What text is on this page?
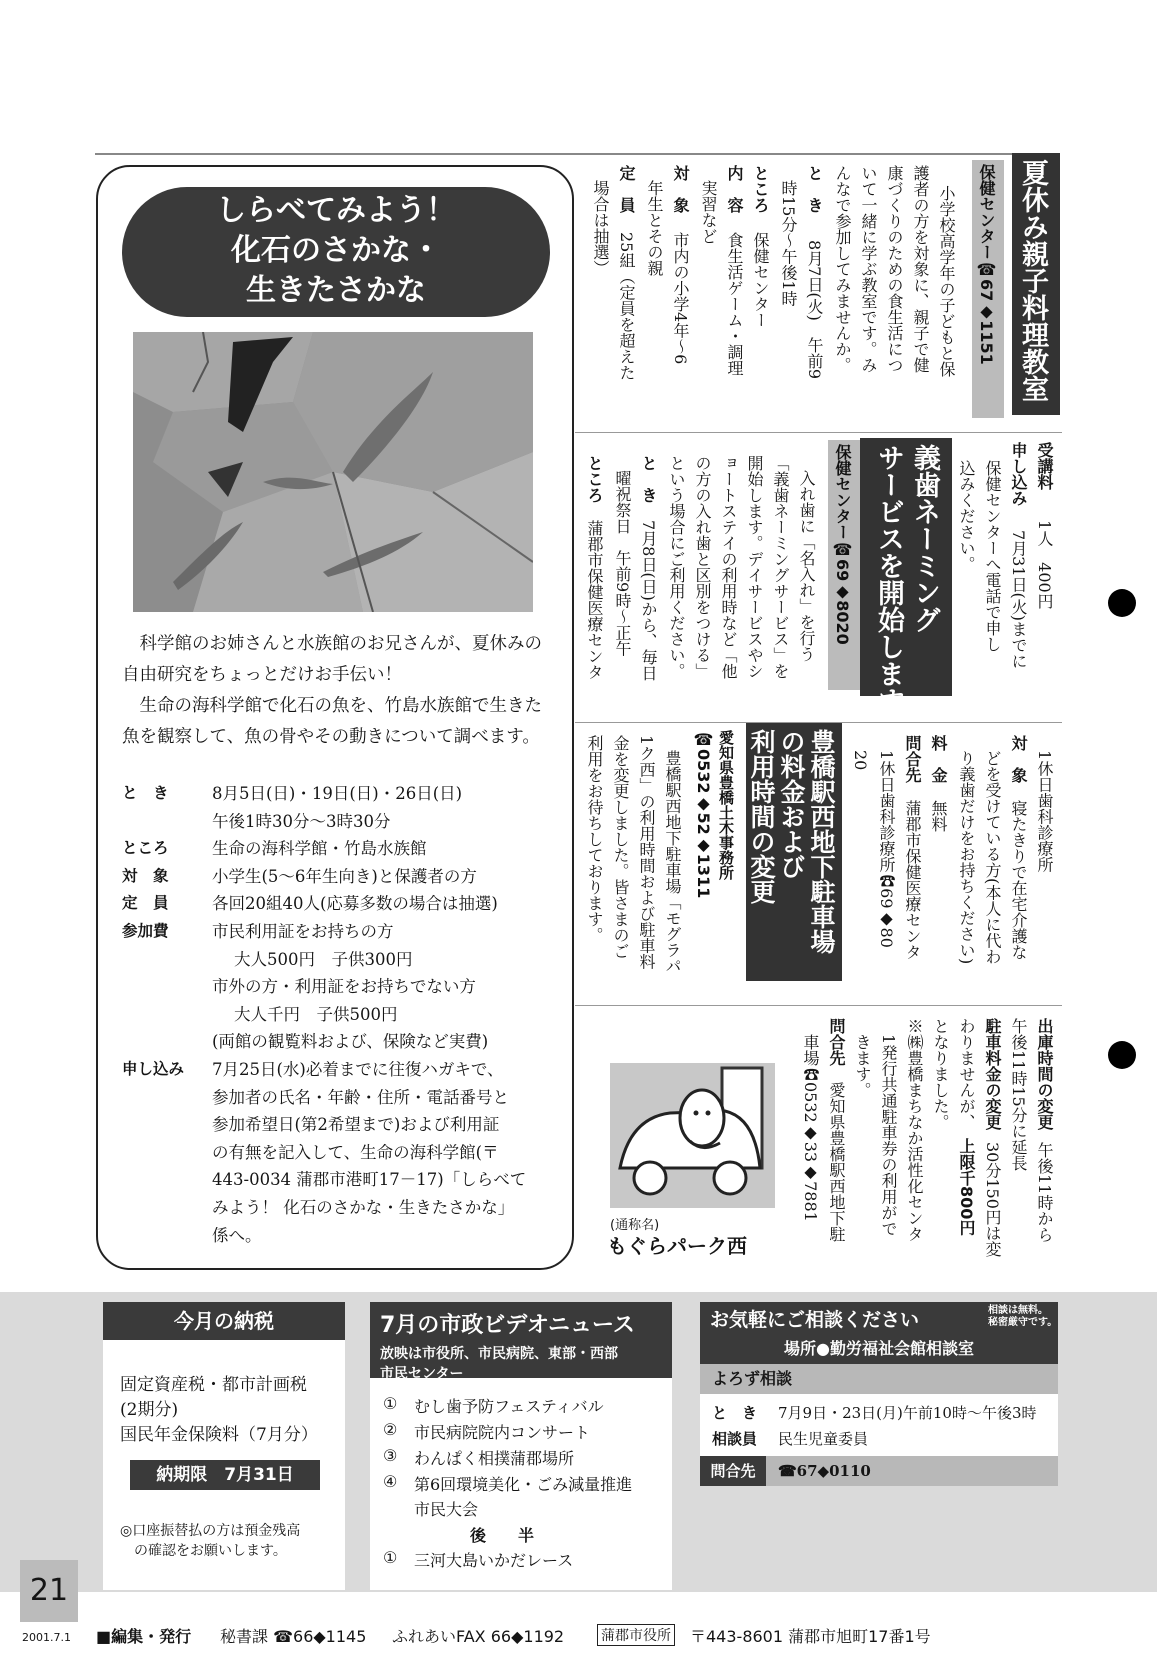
しらべてみよう！
化石のさかな・
生きたさかな

科学館のお姉さんと水族館のお兄さんが、夏休みの自由研究をちょっとだけお手伝い！

生命の海科学館で化石の魚を、竹島水族館で生きた魚を観察して、魚の骨やその動きについて調べます。

と　き	8月5日(日)・19日(日)・26日(日)
午後1時30分～3時30分
ところ	生命の海科学館・竹島水族館
対　象	小学生(5～6年生向き)と保護者の方
定　員	各回20組40人(応募多数の場合は抽選)
参加費	市民利用証をお持ちの方
大人500円　子供300円
市外の方・利用証をお持ちでない方
大人千円　子供500円
(両館の観覧料および、保険など実費)
申し込み	7月25日(水)必着までに往復ハガキで、
参加者の氏名・年齢・住所・電話番号と
参加希望日(第2希望まで)および利用証
の有無を記入して、生命の海科学館(〒
443-0034 蒲郡市港町17－17)「しらべて
みよう！ 化石のさかな・生きたさかな」
係へ。
夏休み親子料理教室
保健センター☎67◆1151
小学校高学年の子どもと保
護者の方を対象に、親子で健
康づくりのための食生活につ
いて一緒に学ぶ教室です。み
んなで参加してみませんか。
と　き
8月7日(火)　午前9
時15分～午後1時
ところ
保健センター
内　容
食生活ゲーム・調理
実習など
対　象
市内の小学4年～6
年生とその親
定　員
25組（定員を超えた
場合は抽選）
受講料
1人　400円
申し込み
7月31日(火)までに
保健センターへ電話で申し
込みください。
義歯ネーミング
サービスを開始します
保健センター☎69◆8020
入れ歯に「名入れ」を行う
「義歯ネーミングサービス」を
開始します。デイサービスやシ
ョートステイの利用時など「他
の方の入れ歯と区別をつける」
という場合にご利用ください。
と　き
7月8日(日)から、毎日
曜祝祭日　午前9時～正午
ところ
蒲郡市保健医療センタ
1休日歯科診療所
対　象
寝たきりで在宅介護な
どを受けている方(本人に代わ
り義歯だけをお持ちください)
料　金
無料
問合先
蒲郡市保健医療センタ
1休日歯科診療所☎69◆80
20
豊橋駅西地下駐車場
の料金および
利用時間の変更
愛知県豊橋土木事務所
☎0532◆52◆1311
豊橋駅西地下駐車場「モグラパ
1ク西」の利用時間および駐車料
金を変更しました。皆さまのご
利用をお待ちしております。
出庫時間の変更
午後11時から
午後11時15分に延長
駐車料金の変更
30分150円は変
わりませんが、
上限千800円
となりました。
※㈱豊橋まちなか活性化センタ
1発行共通駐車券の利用がで
きます。
問合先
愛知県豊橋駅西地下駐
車場☎0532◆33◆7881
(通称名)
もぐらパーク西
今月の納税
固定資産税・都市計画税
(2期分)
国民年金保険料（7月分）
納期限　7月31日
◎口座振替払の方は預金残高
の確認をお願いします。
7月の市政ビデオニュース
放映は市役所、市民病院、東部・西部
市民センター
① むし歯予防フェスティバル
② 市民病院院内コンサート
③ わんぱく相撲蒲郡場所
④ 第6回環境美化・ごみ減量推進
市民大会
後　　半
① 三河大島いかだレース
お気軽にご相談ください	相談は無料。
秘密厳守です。
場所●勤労福祉会館相談室
よろず相談
と　き 7月9日・23日(月)午前10時～午後3時
相談員 民生児童委員
問合先	☎67◆0110
21
2001.7.1 ■編集・発行 秘書課 ☎66◆1145 ふれあいFAX 66◆1192	蒲郡市役所 〒443-8601 蒲郡市旭町17番1号
